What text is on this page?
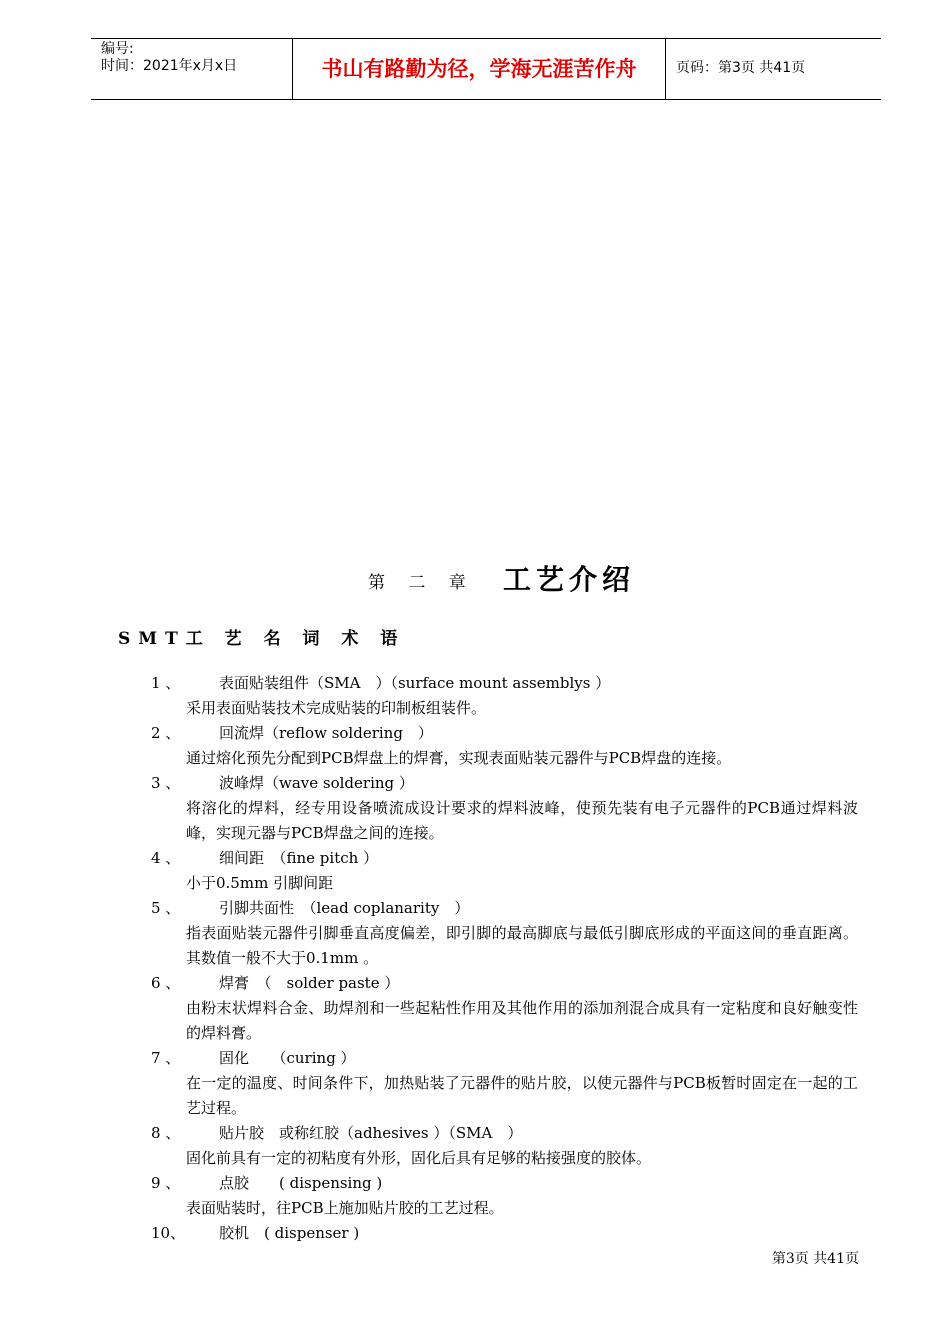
编号:
时间：2021年x月x日	书山有路勤为径，学海无涯苦作舟	页码：第3页 共41页
第 二 章 工艺介绍
SMT工 艺 名 词 术 语
1 、	表面贴装组件（SMA　）（surface mount assemblys ）
采用表面贴装技术完成贴装的印制板组装件。
2 、	回流焊（reflow soldering　）
通过熔化预先分配到PCB焊盘上的焊膏，实现表面贴装元器件与PCB焊盘的连接。
3 、	波峰焊（wave soldering ）
将溶化的焊料，经专用设备喷流成设计要求的焊料波峰，使预先装有电子元器件的PCB通过焊料波峰，实现元器与PCB焊盘之间的连接。
4 、	细间距　（fine pitch ）
小于0.5mm 引脚间距
5 、	引脚共面性　（lead coplanarity　）
指表面贴装元器件引脚垂直高度偏差，即引脚的最高脚底与最低引脚底形成的平面这间的垂直距离。其数值一般不大于0.1mm 。
6 、	焊膏　（　solder paste ）
由粉末状焊料合金、助焊剂和一些起粘性作用及其他作用的添加剂混合成具有一定粘度和良好触变性的焊料膏。
7 、	固化　　（curing ）
在一定的温度、时间条件下，加热贴装了元器件的贴片胶，以使元器件与PCB板暂时固定在一起的工艺过程。
8 、	贴片胶　或称红胶（adhesives ）（SMA　）
固化前具有一定的初粘度有外形，固化后具有足够的粘接强度的胶体。
9 、	点胶　　( dispensing )
表面贴装时，往PCB上施加贴片胶的工艺过程。
10、 胶机　( dispenser )
第3页 共41页
